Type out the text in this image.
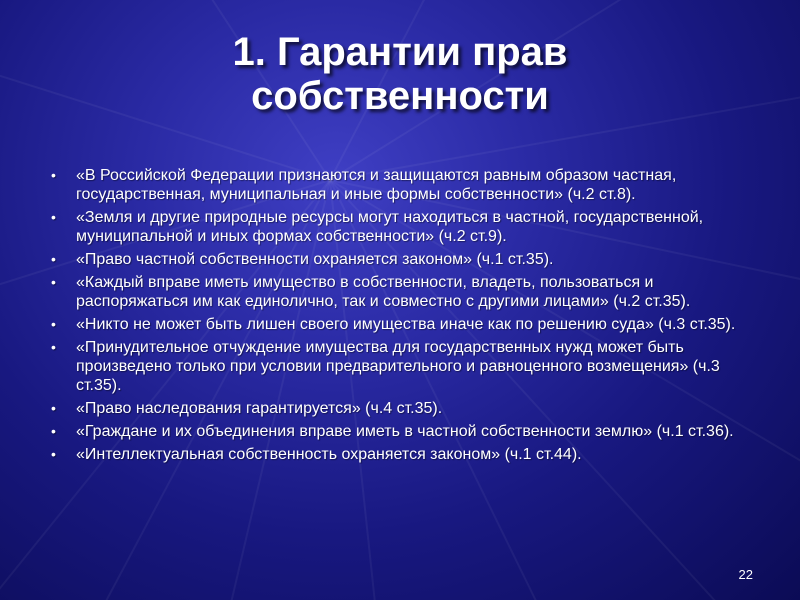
1. Гарантии прав
собственности
• «В Российской Федерации признаются и защищаются равным образом частная, государственная, муниципальная и иные формы собственности» (ч.2 ст.8).
• «Земля и другие природные ресурсы могут находиться в частной, государственной, муниципальной и иных формах собственности» (ч.2 ст.9).
• «Право частной собственности охраняется законом» (ч.1 ст.35).
• «Каждый вправе иметь имущество в собственности, владеть, пользоваться и распоряжаться им как единолично, так и совместно с другими лицами» (ч.2 ст.35).
• «Никто не может быть лишен своего имущества иначе как по решению суда» (ч.3 ст.35).
• «Принудительное отчуждение имущества для государственных нужд может быть произведено только при условии предварительного и равноценного возмещения» (ч.3 ст.35).
• «Право наследования гарантируется» (ч.4 ст.35).
• «Граждане и их объединения вправе иметь в частной собственности землю» (ч.1 ст.36).
• «Интеллектуальная собственность охраняется законом» (ч.1 ст.44).
22
